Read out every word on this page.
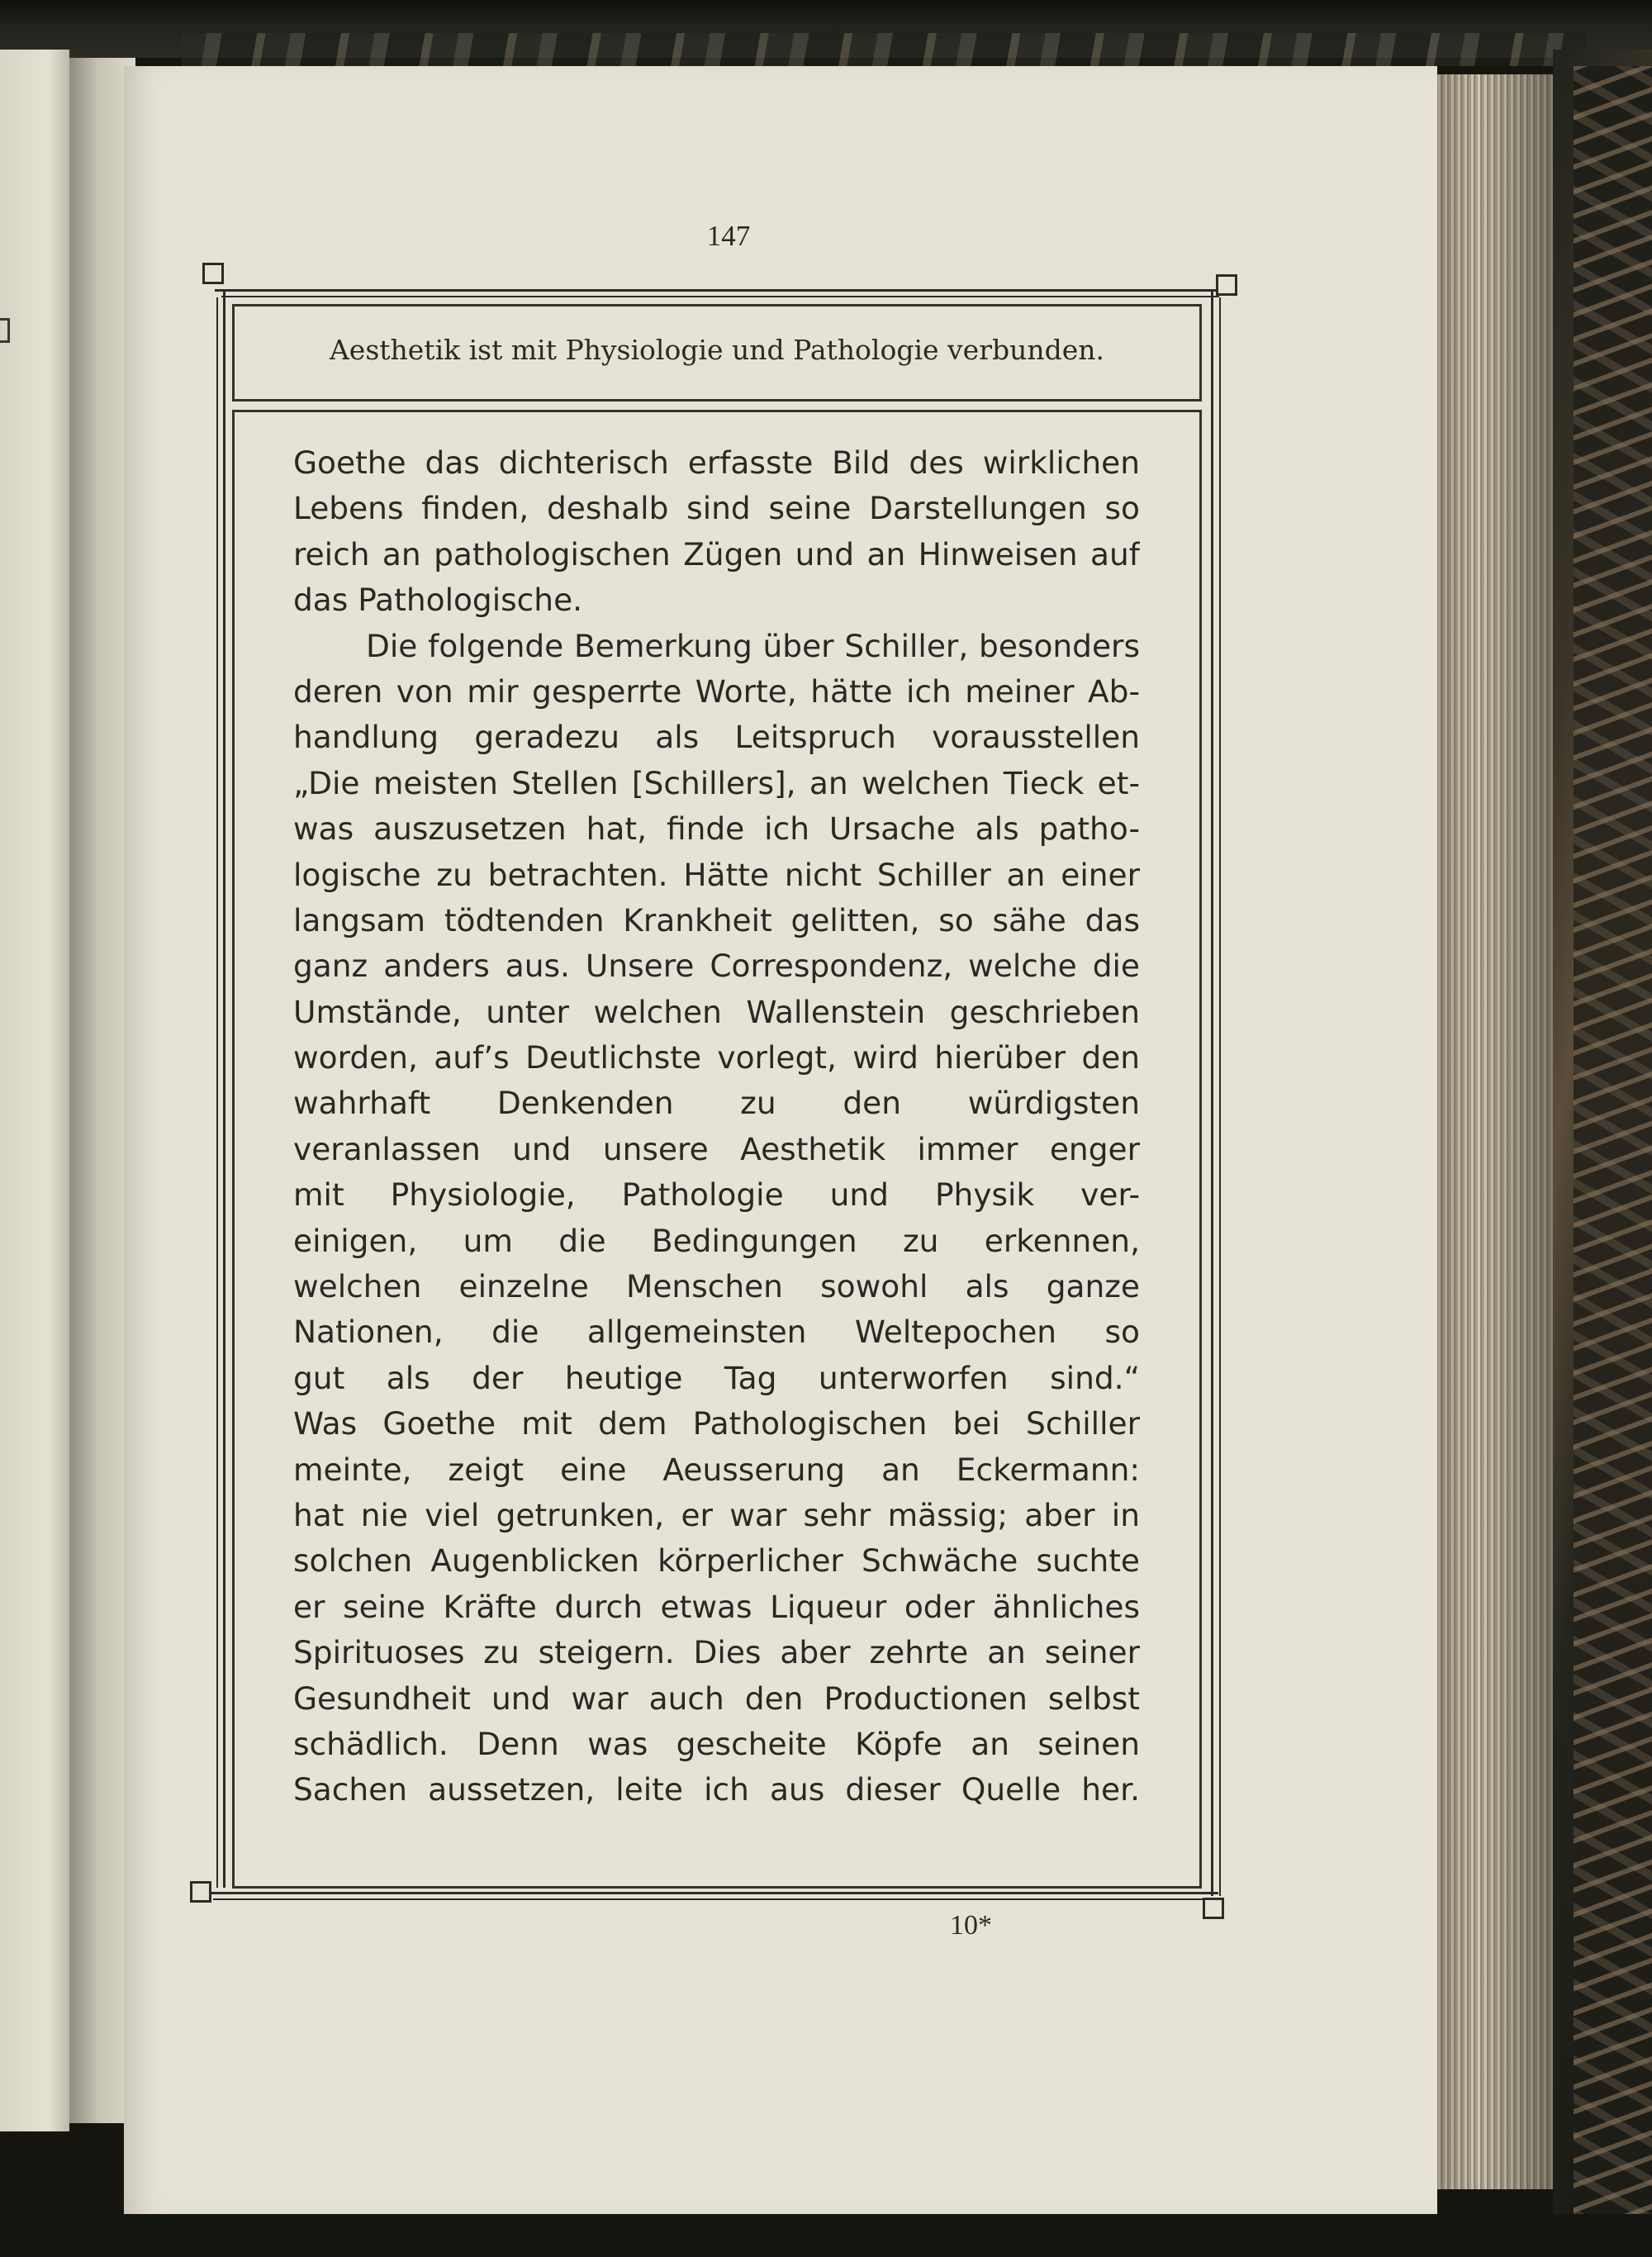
147
Aesthetik ist mit Physiologie und Pathologie verbunden.
Goethe das dichterisch erfasste Bild des wirklichen
Lebens finden, deshalb sind seine Darstellungen so
reich an pathologischen Zügen und an Hinweisen auf
das Pathologische.
Die folgende Bemerkung über Schiller, besonders
deren von mir gesperrte Worte, hätte ich meiner Ab-
handlung geradezu als Leitspruch vorausstellen
„Die meisten Stellen [Schillers], an welchen Tieck et-
was auszusetzen hat, finde ich Ursache als patho-
logische zu betrachten. Hätte nicht Schiller an einer
langsam tödtenden Krankheit gelitten, so sähe das
ganz anders aus. Unsere Correspondenz, welche die
Umstände, unter welchen Wallenstein geschrieben
worden, auf’s Deutlichste vorlegt, wird hierüber den
wahrhaft Denkenden zu den würdigsten
veranlassen und unsere Aesthetik immer enger
mit Physiologie, Pathologie und Physik ver-
einigen, um die Bedingungen zu erkennen,
welchen einzelne Menschen sowohl als ganze
Nationen, die allgemeinsten Weltepochen so
gut als der heutige Tag unterworfen sind.“
Was Goethe mit dem Pathologischen bei Schiller
meinte, zeigt eine Aeusserung an Eckermann:
hat nie viel getrunken, er war sehr mässig; aber in
solchen Augenblicken körperlicher Schwäche suchte
er seine Kräfte durch etwas Liqueur oder ähnliches
Spirituoses zu steigern. Dies aber zehrte an seiner
Gesundheit und war auch den Productionen selbst
schädlich. Denn was gescheite Köpfe an seinen
Sachen aussetzen, leite ich aus dieser Quelle her.
10*
